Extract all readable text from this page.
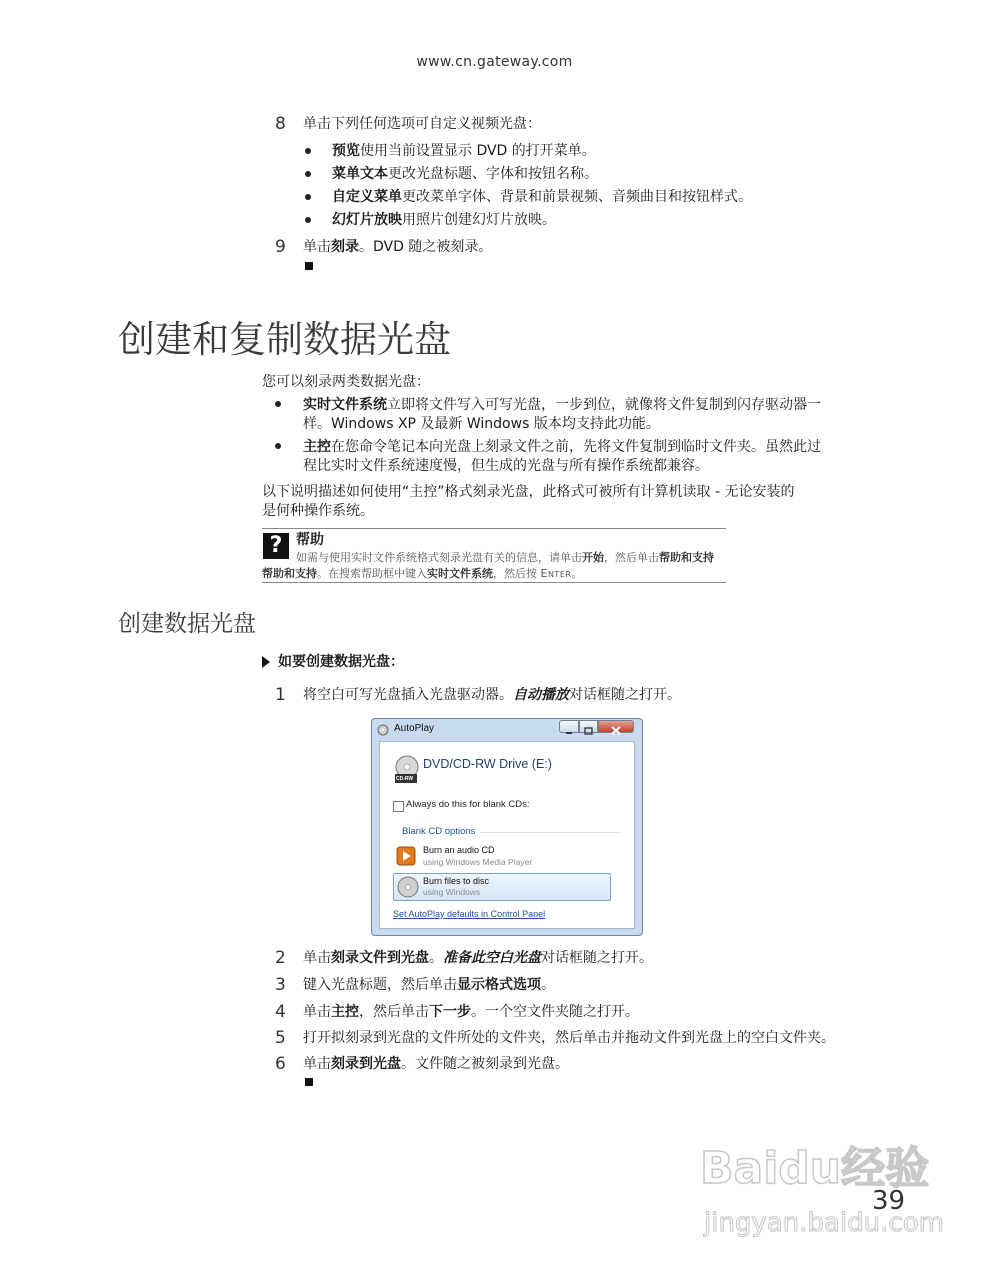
www.cn.gateway.com
8 单击下列任何选项可自定义视频光盘：
预览使用当前设置显示 DVD 的打开菜单。
菜单文本更改光盘标题、字体和按钮名称。
自定义菜单更改菜单字体、背景和前景视频、音频曲目和按钮样式。
幻灯片放映用照片创建幻灯片放映。
9 单击刻录。DVD 随之被刻录。
创建和复制数据光盘
您可以刻录两类数据光盘：
实时文件系统立即将文件写入可写光盘，一步到位，就像将文件复制到闪存驱动器一
样。Windows XP 及最新 Windows 版本均支持此功能。
主控在您命令笔记本向光盘上刻录文件之前，先将文件复制到临时文件夹。虽然此过
程比实时文件系统速度慢，但生成的光盘与所有操作系统都兼容。
以下说明描述如何使用“主控”格式刻录光盘，此格式可被所有计算机读取 - 无论安装的
是何种操作系统。
? 帮助
如需与使用实时文件系统格式刻录光盘有关的信息，请单击开始，然后单击帮助和支持
帮助和支持。在搜索帮助框中键入实时文件系统，然后按 Enter。
创建数据光盘
如要创建数据光盘：
1 将空白可写光盘插入光盘驱动器。自动播放对话框随之打开。
AutoPlay
CD-RW
DVD/CD-RW Drive (E:)
Always do this for blank CDs:
Blank CD options
Burn an audio CD
using Windows Media Player
Burn files to disc
using Windows
Set AutoPlay defaults in Control Panel
2 单击刻录文件到光盘。准备此空白光盘对话框随之打开。
3 键入光盘标题，然后单击显示格式选项。
4 单击主控，然后单击下一步。一个空文件夹随之打开。
5 打开拟刻录到光盘的文件所处的文件夹，然后单击并拖动文件到光盘上的空白文件夹。
6 单击刻录到光盘。文件随之被刻录到光盘。
Baidu经验
39
jingyan.baidu.com
